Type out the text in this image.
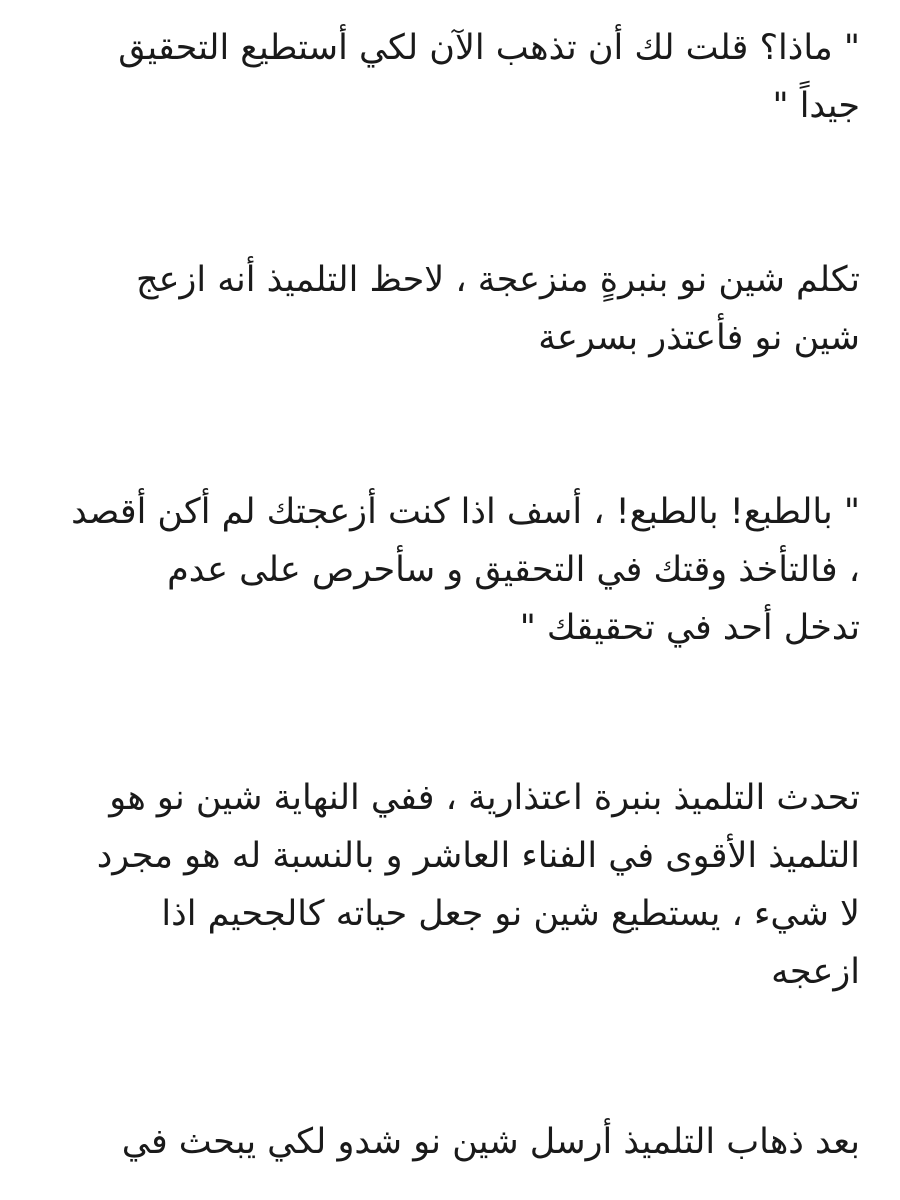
" ماذا؟ قلت لك أن تذهب الآن لكي أستطيع التحقيق
جيداً "

تكلم شين نو بنبرةٍ منزعجة ، لاحظ التلميذ أنه ازعج
شين نو فأعتذر بسرعة

" بالطبع! بالطبع! ، أسف اذا كنت أزعجتك لم أكن أقصد
، فالتأخذ وقتك في التحقيق و سأحرص على عدم
تدخل أحد في تحقيقك "

تحدث التلميذ بنبرة اعتذارية ، ففي النهاية شين نو هو
التلميذ الأقوى في الفناء العاشر و بالنسبة له هو مجرد
لا شيء ، يستطيع شين نو جعل حياته كالجحيم اذا
ازعجه

بعد ذهاب التلميذ أرسل شين نو شدو لكي يبحث في
